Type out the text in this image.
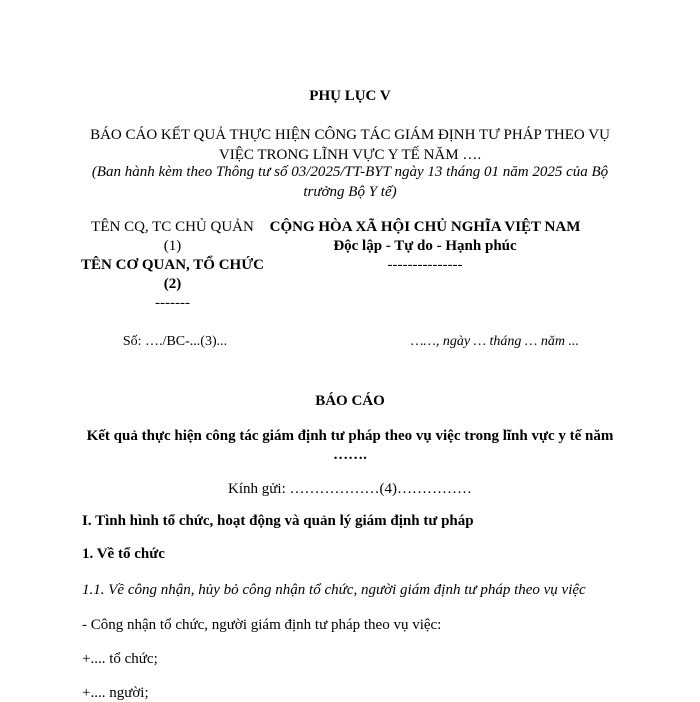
PHỤ LỤC V
BÁO CÁO KẾT QUẢ THỰC HIỆN CÔNG TÁC GIÁM ĐỊNH TƯ PHÁP THEO VỤ VIỆC TRONG LĨNH VỰC Y TẾ NĂM ….
(Ban hành kèm theo Thông tư số 03/2025/TT-BYT ngày 13 tháng 01 năm 2025 của Bộ trưởng Bộ Y tế)
TÊN CQ, TC CHỦ QUẢN
(1)
TÊN CƠ QUAN, TỔ CHỨC
(2)
-------
CỘNG HÒA XÃ HỘI CHỦ NGHĨA VIỆT NAM
Độc lập - Tự do - Hạnh phúc
---------------
Số: …./BC-...(3)...	……, ngày … tháng … năm ...
BÁO CÁO
Kết quả thực hiện công tác giám định tư pháp theo vụ việc trong lĩnh vực y tế năm …….
Kính gửi: ………………(4)……………
I. Tình hình tổ chức, hoạt động và quản lý giám định tư pháp
1. Về tổ chức
1.1. Về công nhận, hủy bỏ công nhận tổ chức, người giám định tư pháp theo vụ việc
- Công nhận tổ chức, người giám định tư pháp theo vụ việc:
+.... tổ chức;
+.... người;
